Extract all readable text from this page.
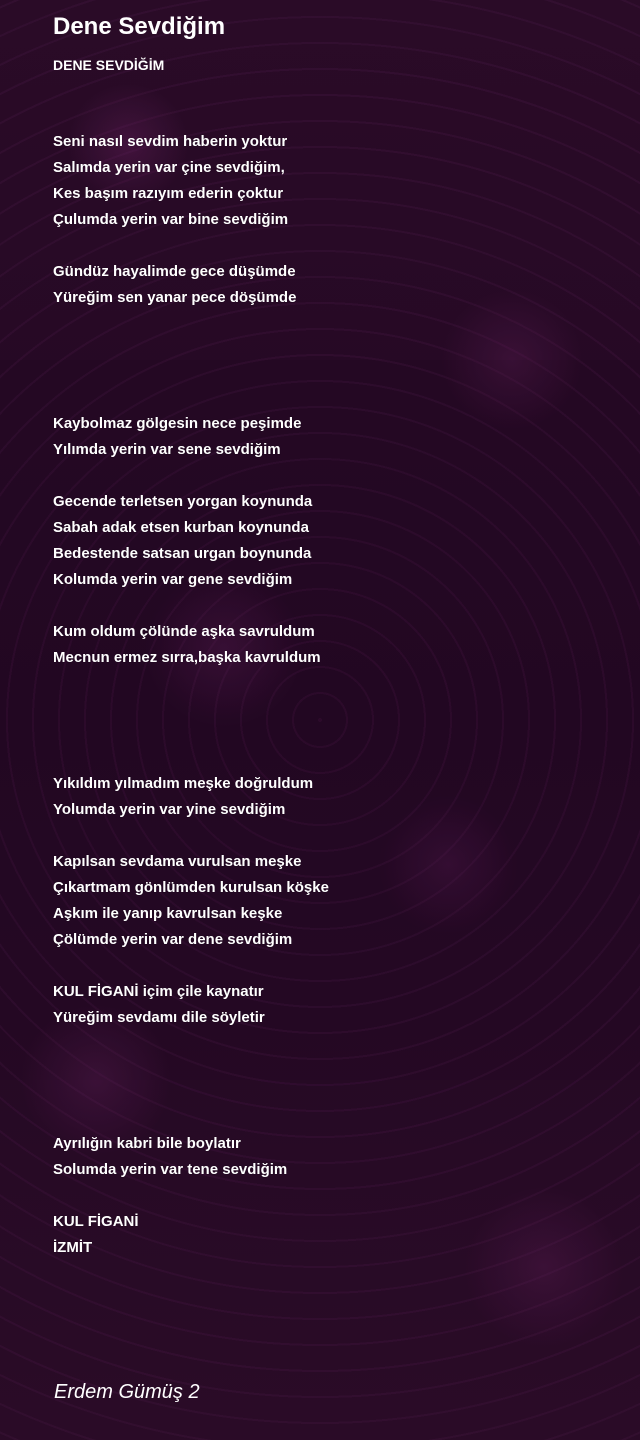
Dene Sevdiğim
DENE SEVDİĞİM
Seni nasıl sevdim haberin yoktur
Salımda yerin var çine sevdiğim,
Kes başım razıyım ederin çoktur
Çulumda yerin var bine sevdiğim
Gündüz hayalimde gece düşümde
Yüreğim sen yanar pece döşümde
Kaybolmaz gölgesin nece peşimde
Yılımda yerin var sene sevdiğim
Gecende terletsen yorgan koynunda
Sabah adak etsen kurban koynunda
Bedestende satsan urgan boynunda
Kolumda yerin var gene sevdiğim
Kum oldum çölünde aşka savruldum
Mecnun ermez sırra,başka kavruldum
Yıkıldım yılmadım meşke doğruldum
Yolumda yerin var yine sevdiğim
Kapılsan sevdama vurulsan meşke
Çıkartmam gönlümden kurulsan köşke
Aşkım ile yanıp kavrulsan keşke
Çölümde yerin var dene sevdiğim
KUL FİGANİ içim çile kaynatır
Yüreğim sevdamı dile söyletir
Ayrılığın kabri bile boylatır
Solumda yerin var tene sevdiğim
KUL FİGANİ
İZMİT
Erdem Gümüş 2
